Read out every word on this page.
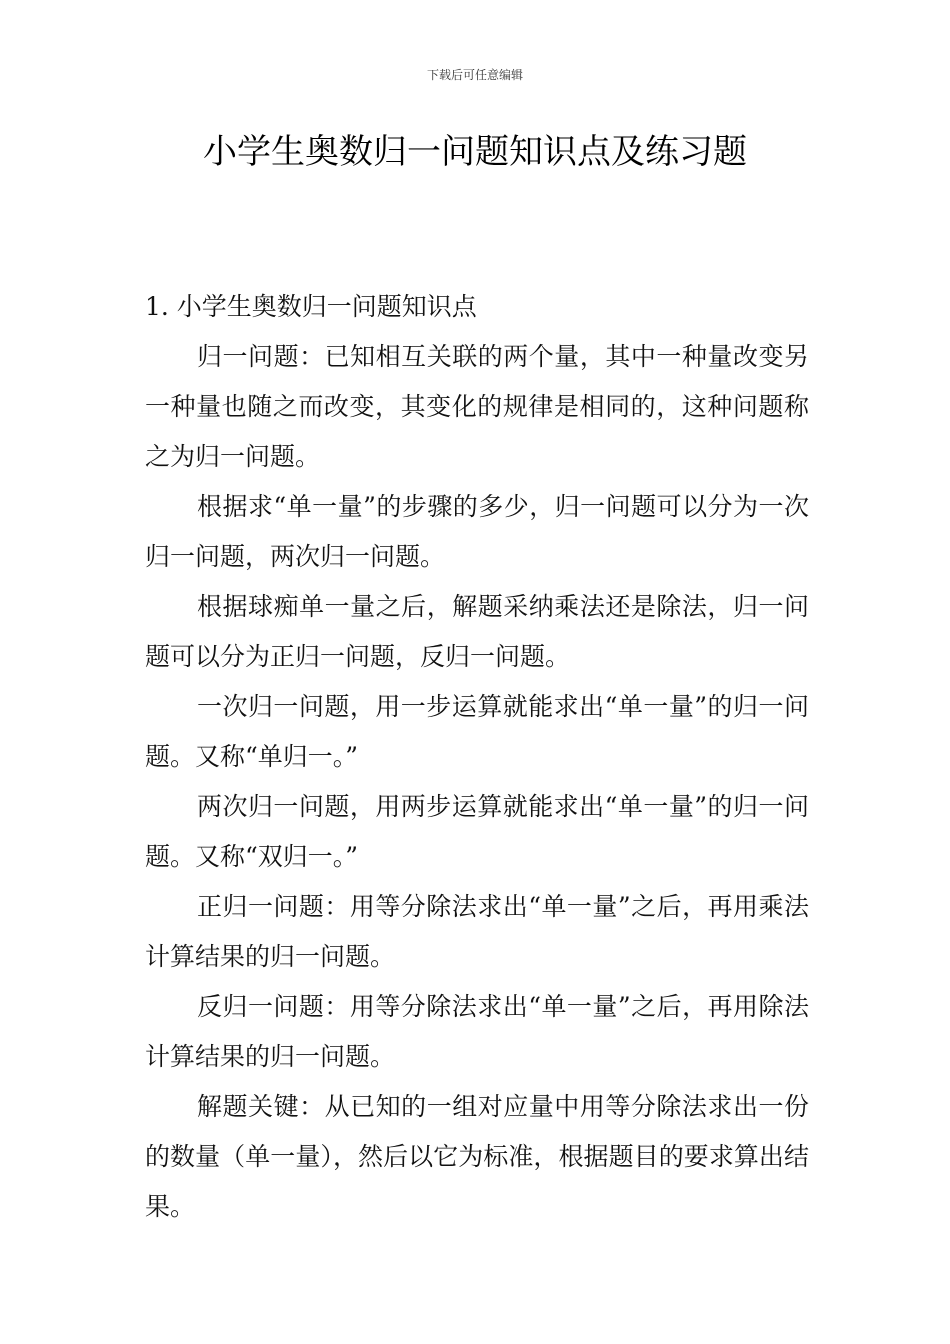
下载后可任意编辑
小学生奥数归一问题知识点及练习题

1. 小学生奥数归一问题知识点

归一问题：已知相互关联的两个量，其中一种量改变另一种量也随之而改变，其变化的规律是相同的，这种问题称之为归一问题。

根据求“单一量”的步骤的多少，归一问题可以分为一次归一问题，两次归一问题。

根据球痴单一量之后，解题采纳乘法还是除法，归一问题可以分为正归一问题，反归一问题。

一次归一问题，用一步运算就能求出“单一量”的归一问题。又称“单归一。”

两次归一问题，用两步运算就能求出“单一量”的归一问题。又称“双归一。”

正归一问题：用等分除法求出“单一量”之后，再用乘法计算结果的归一问题。

反归一问题：用等分除法求出“单一量”之后，再用除法计算结果的归一问题。

解题关键：从已知的一组对应量中用等分除法求出一份的数量（单一量），然后以它为标准，根据题目的要求算出结果。
